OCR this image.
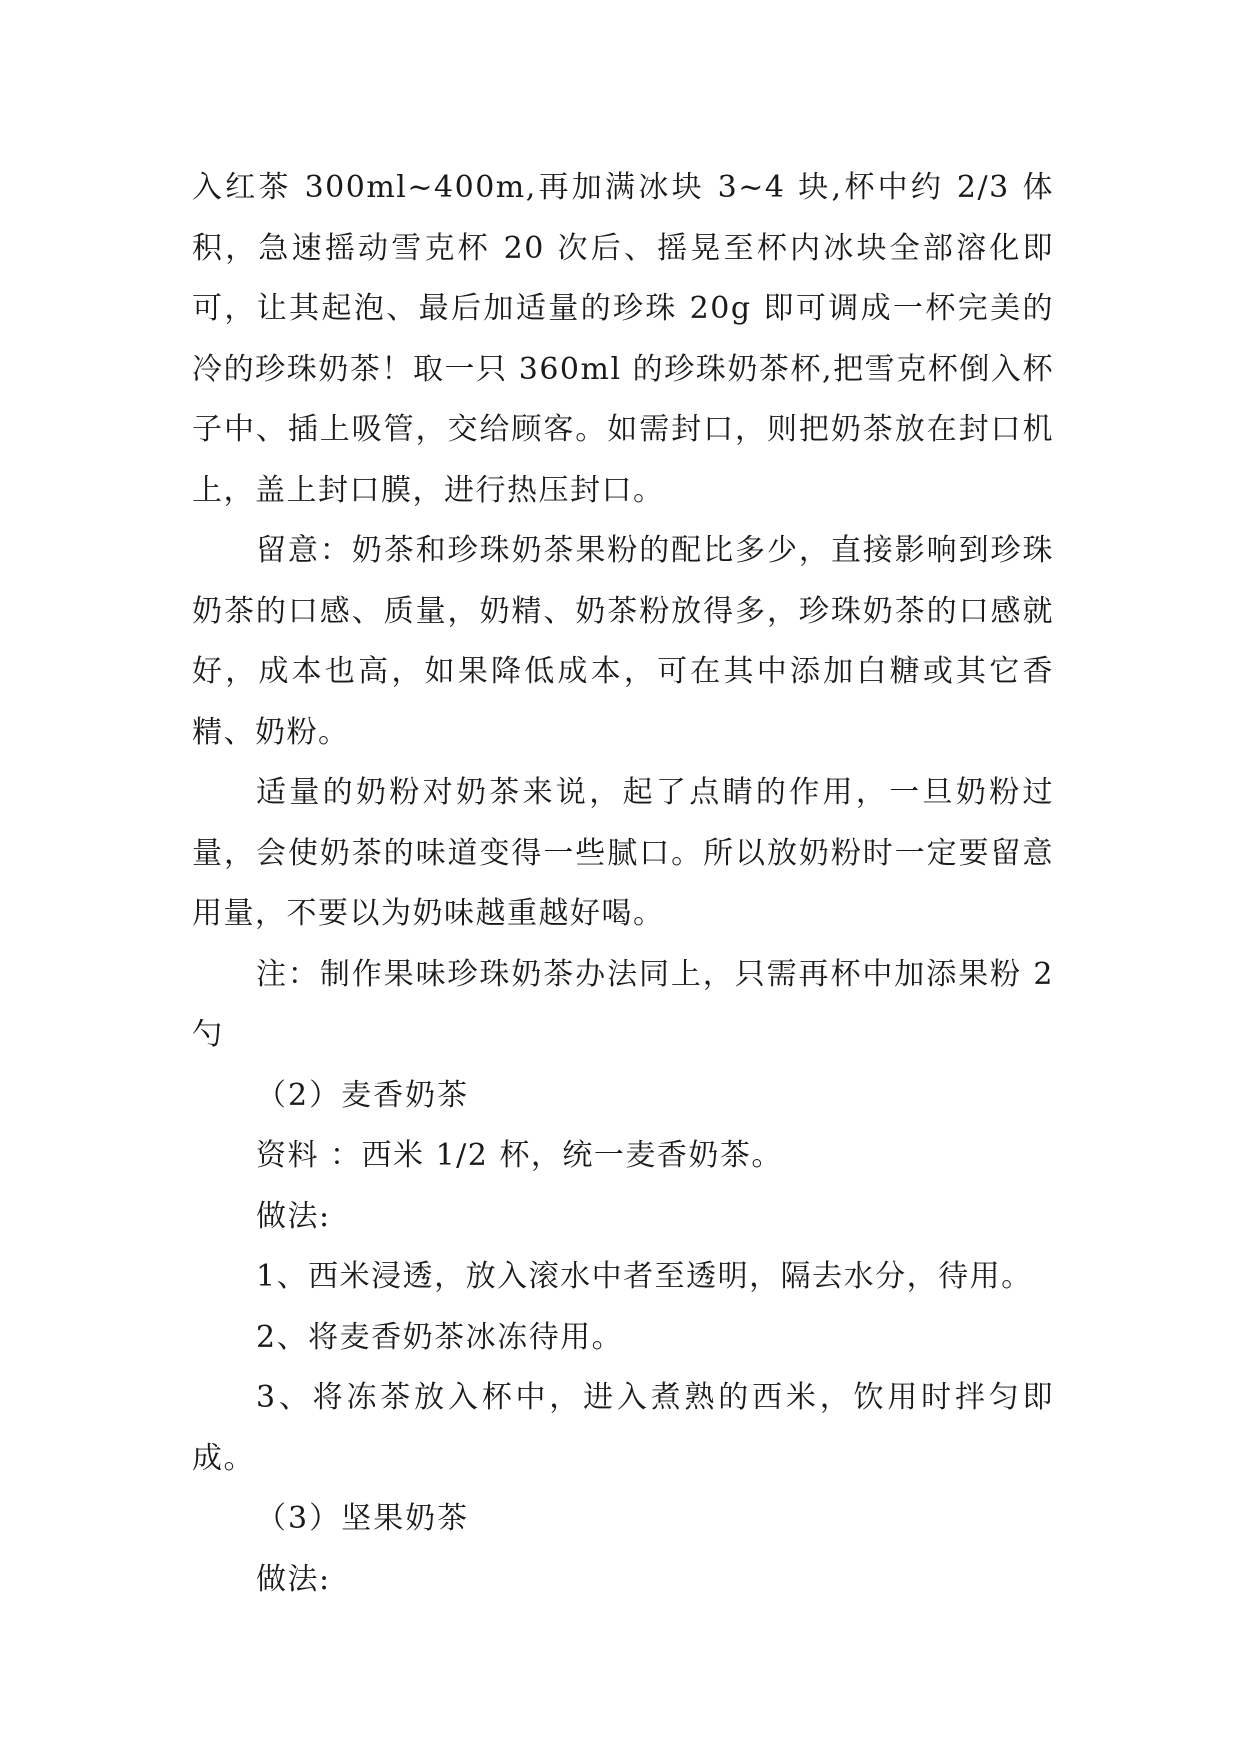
入红茶 300ml~400m,再加满冰块 3~4 块,杯中约 2/3 体积，急速摇动雪克杯 20 次后、摇晃至杯内冰块全部溶化即可，让其起泡、最后加适量的珍珠 20g 即可调成一杯完美的冷的珍珠奶茶！取一只 360ml 的珍珠奶茶杯,把雪克杯倒入杯子中、插上吸管，交给顾客。如需封口，则把奶茶放在封口机上，盖上封口膜，进行热压封口。

留意：奶茶和珍珠奶茶果粉的配比多少，直接影响到珍珠奶茶的口感、质量，奶精、奶茶粉放得多，珍珠奶茶的口感就好，成本也高，如果降低成本，可在其中添加白糖或其它香精、奶粉。

适量的奶粉对奶茶来说，起了点睛的作用，一旦奶粉过量，会使奶茶的味道变得一些腻口。所以放奶粉时一定要留意用量，不要以为奶味越重越好喝。

注：制作果味珍珠奶茶办法同上，只需再杯中加添果粉 2 勺

（2）麦香奶茶
资料 ：西米 1/2 杯，统一麦香奶茶。
做法:
1、西米浸透，放入滚水中者至透明，隔去水分，待用。
2、将麦香奶茶冰冻待用。

3、将冻茶放入杯中，进入煮熟的西米，饮用时拌匀即成。

（3）坚果奶茶
做法:
